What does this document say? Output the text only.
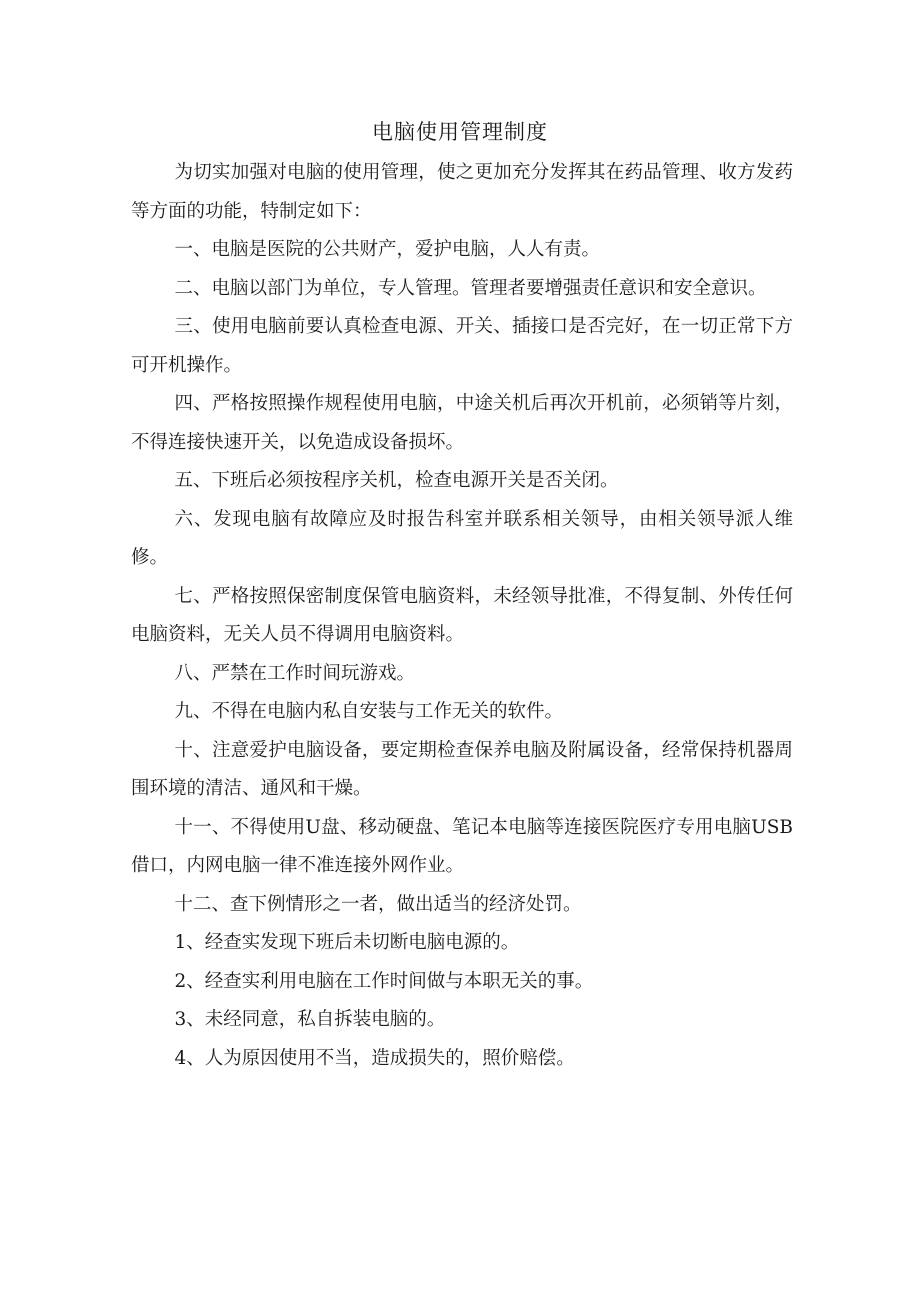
电脑使用管理制度

为切实加强对电脑的使用管理，使之更加充分发挥其在药品管理、收方发药等方面的功能，特制定如下：

一、电脑是医院的公共财产，爱护电脑，人人有责。

二、电脑以部门为单位，专人管理。管理者要增强责任意识和安全意识。

三、使用电脑前要认真检查电源、开关、插接口是否完好，在一切正常下方可开机操作。

四、严格按照操作规程使用电脑，中途关机后再次开机前，必须销等片刻，不得连接快速开关，以免造成设备损坏。

五、下班后必须按程序关机，检查电源开关是否关闭。

六、发现电脑有故障应及时报告科室并联系相关领导，由相关领导派人维修。

七、严格按照保密制度保管电脑资料，未经领导批准，不得复制、外传任何电脑资料，无关人员不得调用电脑资料。

八、严禁在工作时间玩游戏。

九、不得在电脑内私自安装与工作无关的软件。

十、注意爱护电脑设备，要定期检查保养电脑及附属设备，经常保持机器周围环境的清洁、通风和干燥。

十一、不得使用U盘、移动硬盘、笔记本电脑等连接医院医疗专用电脑USB借口，内网电脑一律不准连接外网作业。

十二、查下例情形之一者，做出适当的经济处罚。

1、经查实发现下班后未切断电脑电源的。

2、经查实利用电脑在工作时间做与本职无关的事。

3、未经同意，私自拆装电脑的。

4、人为原因使用不当，造成损失的，照价赔偿。
